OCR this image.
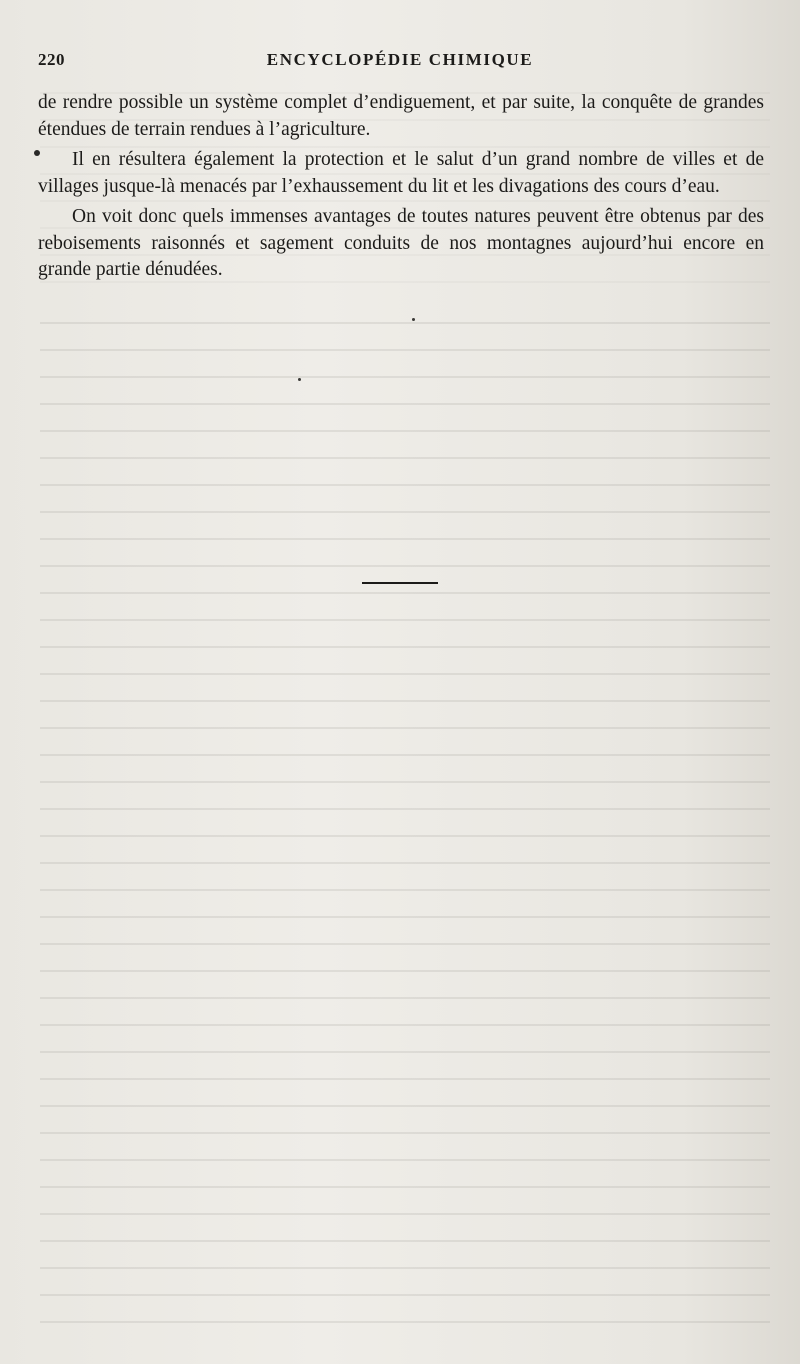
220	ENCYCLOPÉDIE CHIMIQUE

de rendre possible un système complet d’endiguement, et par suite, la conquête de grandes étendues de terrain rendues à l’agriculture.

Il en résultera également la protection et le salut d’un grand nombre de villes et de villages jusque-là menacés par l’exhaussement du lit et les divagations des cours d’eau.

On voit donc quels immenses avantages de toutes natures peuvent être obtenus par des reboisements raisonnés et sagement conduits de nos montagnes aujourd’hui encore en grande partie dénudées.
